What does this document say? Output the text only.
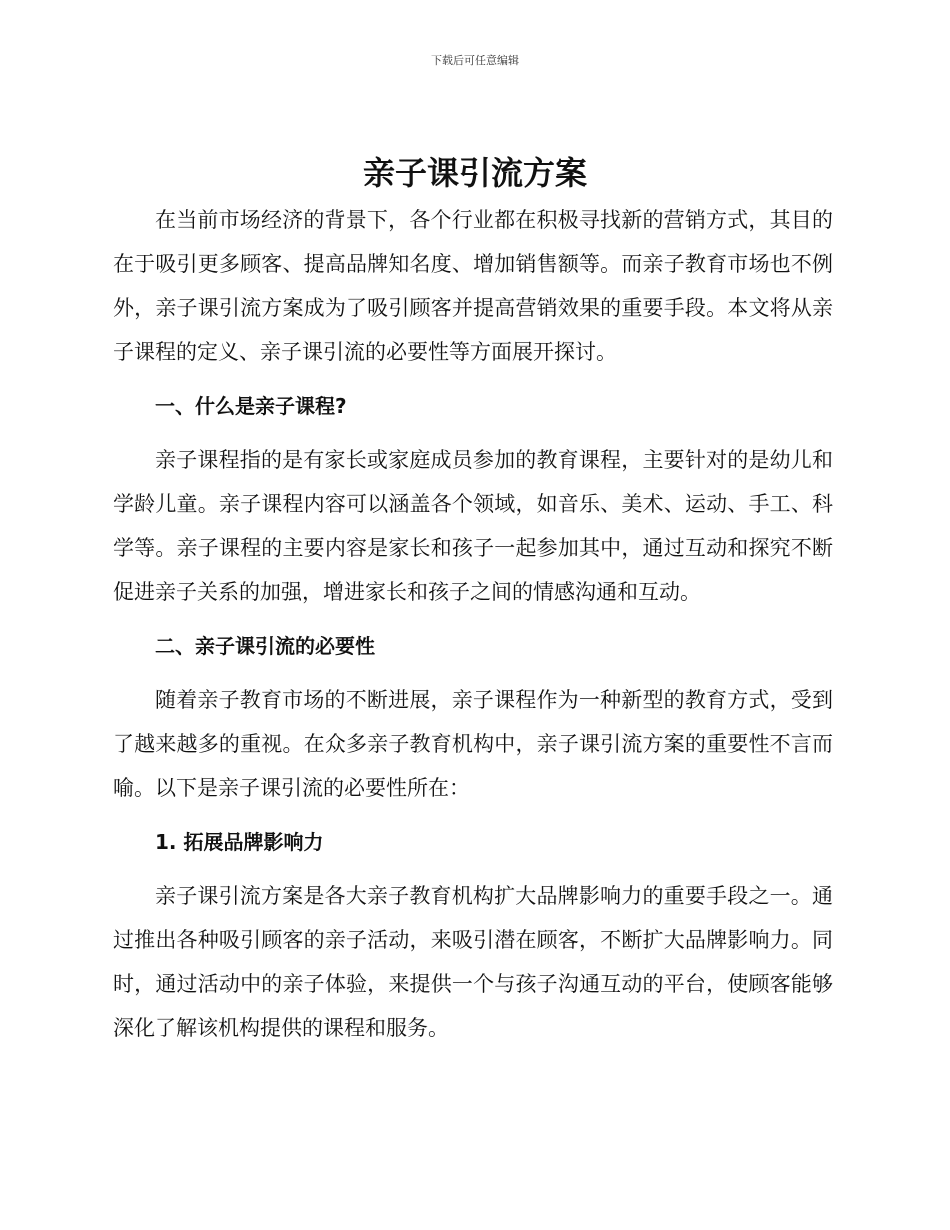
下载后可任意编辑
亲子课引流方案

在当前市场经济的背景下，各个行业都在积极寻找新的营销方式，其目的在于吸引更多顾客、提高品牌知名度、增加销售额等。而亲子教育市场也不例外，亲子课引流方案成为了吸引顾客并提高营销效果的重要手段。本文将从亲子课程的定义、亲子课引流的必要性等方面展开探讨。

一、什么是亲子课程?

亲子课程指的是有家长或家庭成员参加的教育课程，主要针对的是幼儿和学龄儿童。亲子课程内容可以涵盖各个领域，如音乐、美术、运动、手工、科学等。亲子课程的主要内容是家长和孩子一起参加其中，通过互动和探究不断促进亲子关系的加强，增进家长和孩子之间的情感沟通和互动。

二、亲子课引流的必要性

随着亲子教育市场的不断进展，亲子课程作为一种新型的教育方式，受到了越来越多的重视。在众多亲子教育机构中，亲子课引流方案的重要性不言而喻。以下是亲子课引流的必要性所在：

1. 拓展品牌影响力

亲子课引流方案是各大亲子教育机构扩大品牌影响力的重要手段之一。通过推出各种吸引顾客的亲子活动，来吸引潜在顾客，不断扩大品牌影响力。同时，通过活动中的亲子体验，来提供一个与孩子沟通互动的平台，使顾客能够深化了解该机构提供的课程和服务。
